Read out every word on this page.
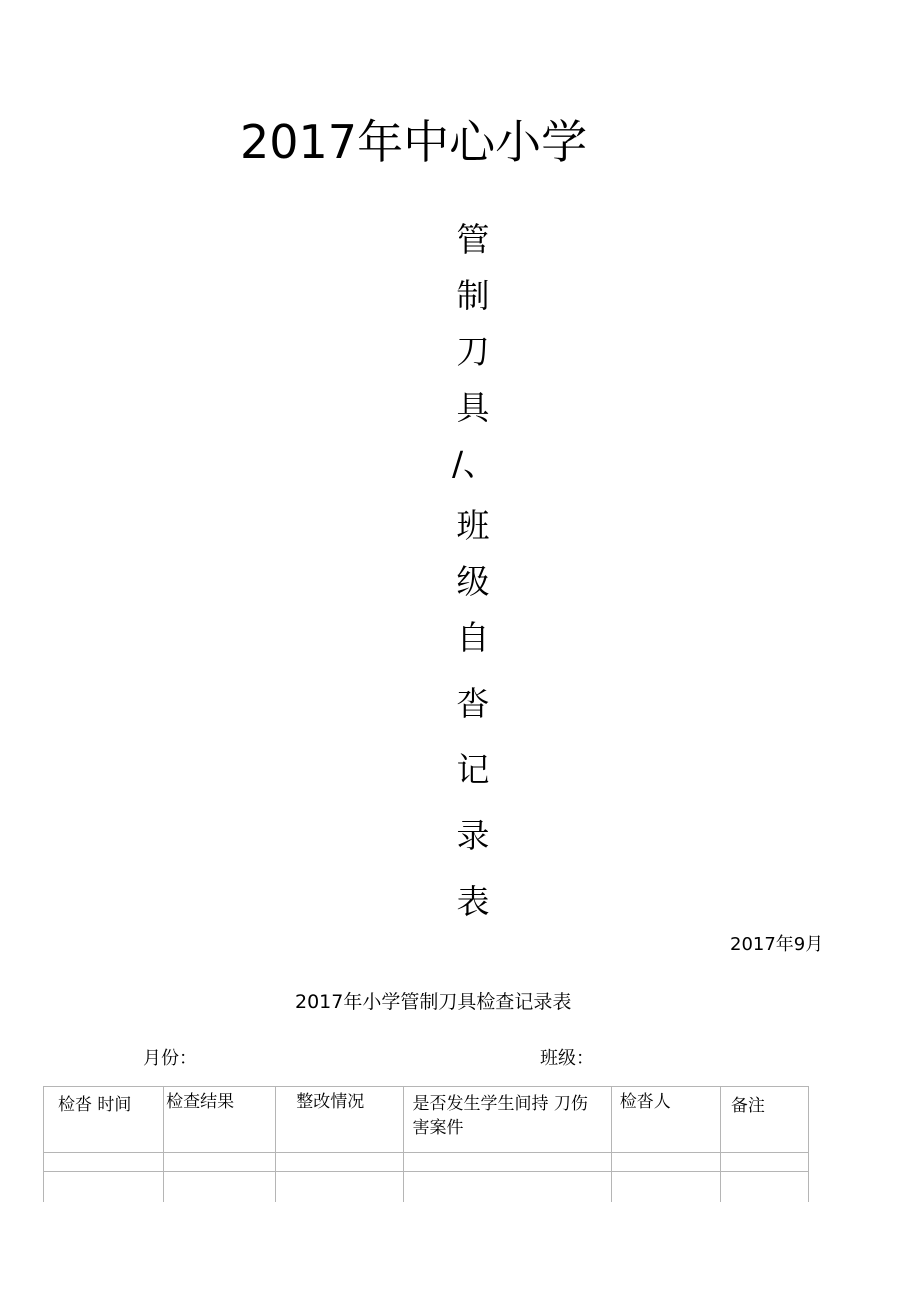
2017年中心小学
管
制
刀
具
/、
班
级
自
沓
记
录
表
2017年9月
2017年小学管制刀具检查记录表
月份：	班级：
检沓 时间	检查结果	整改情况	是否发生学生间持 刀伤害案件	检沓人	备注
